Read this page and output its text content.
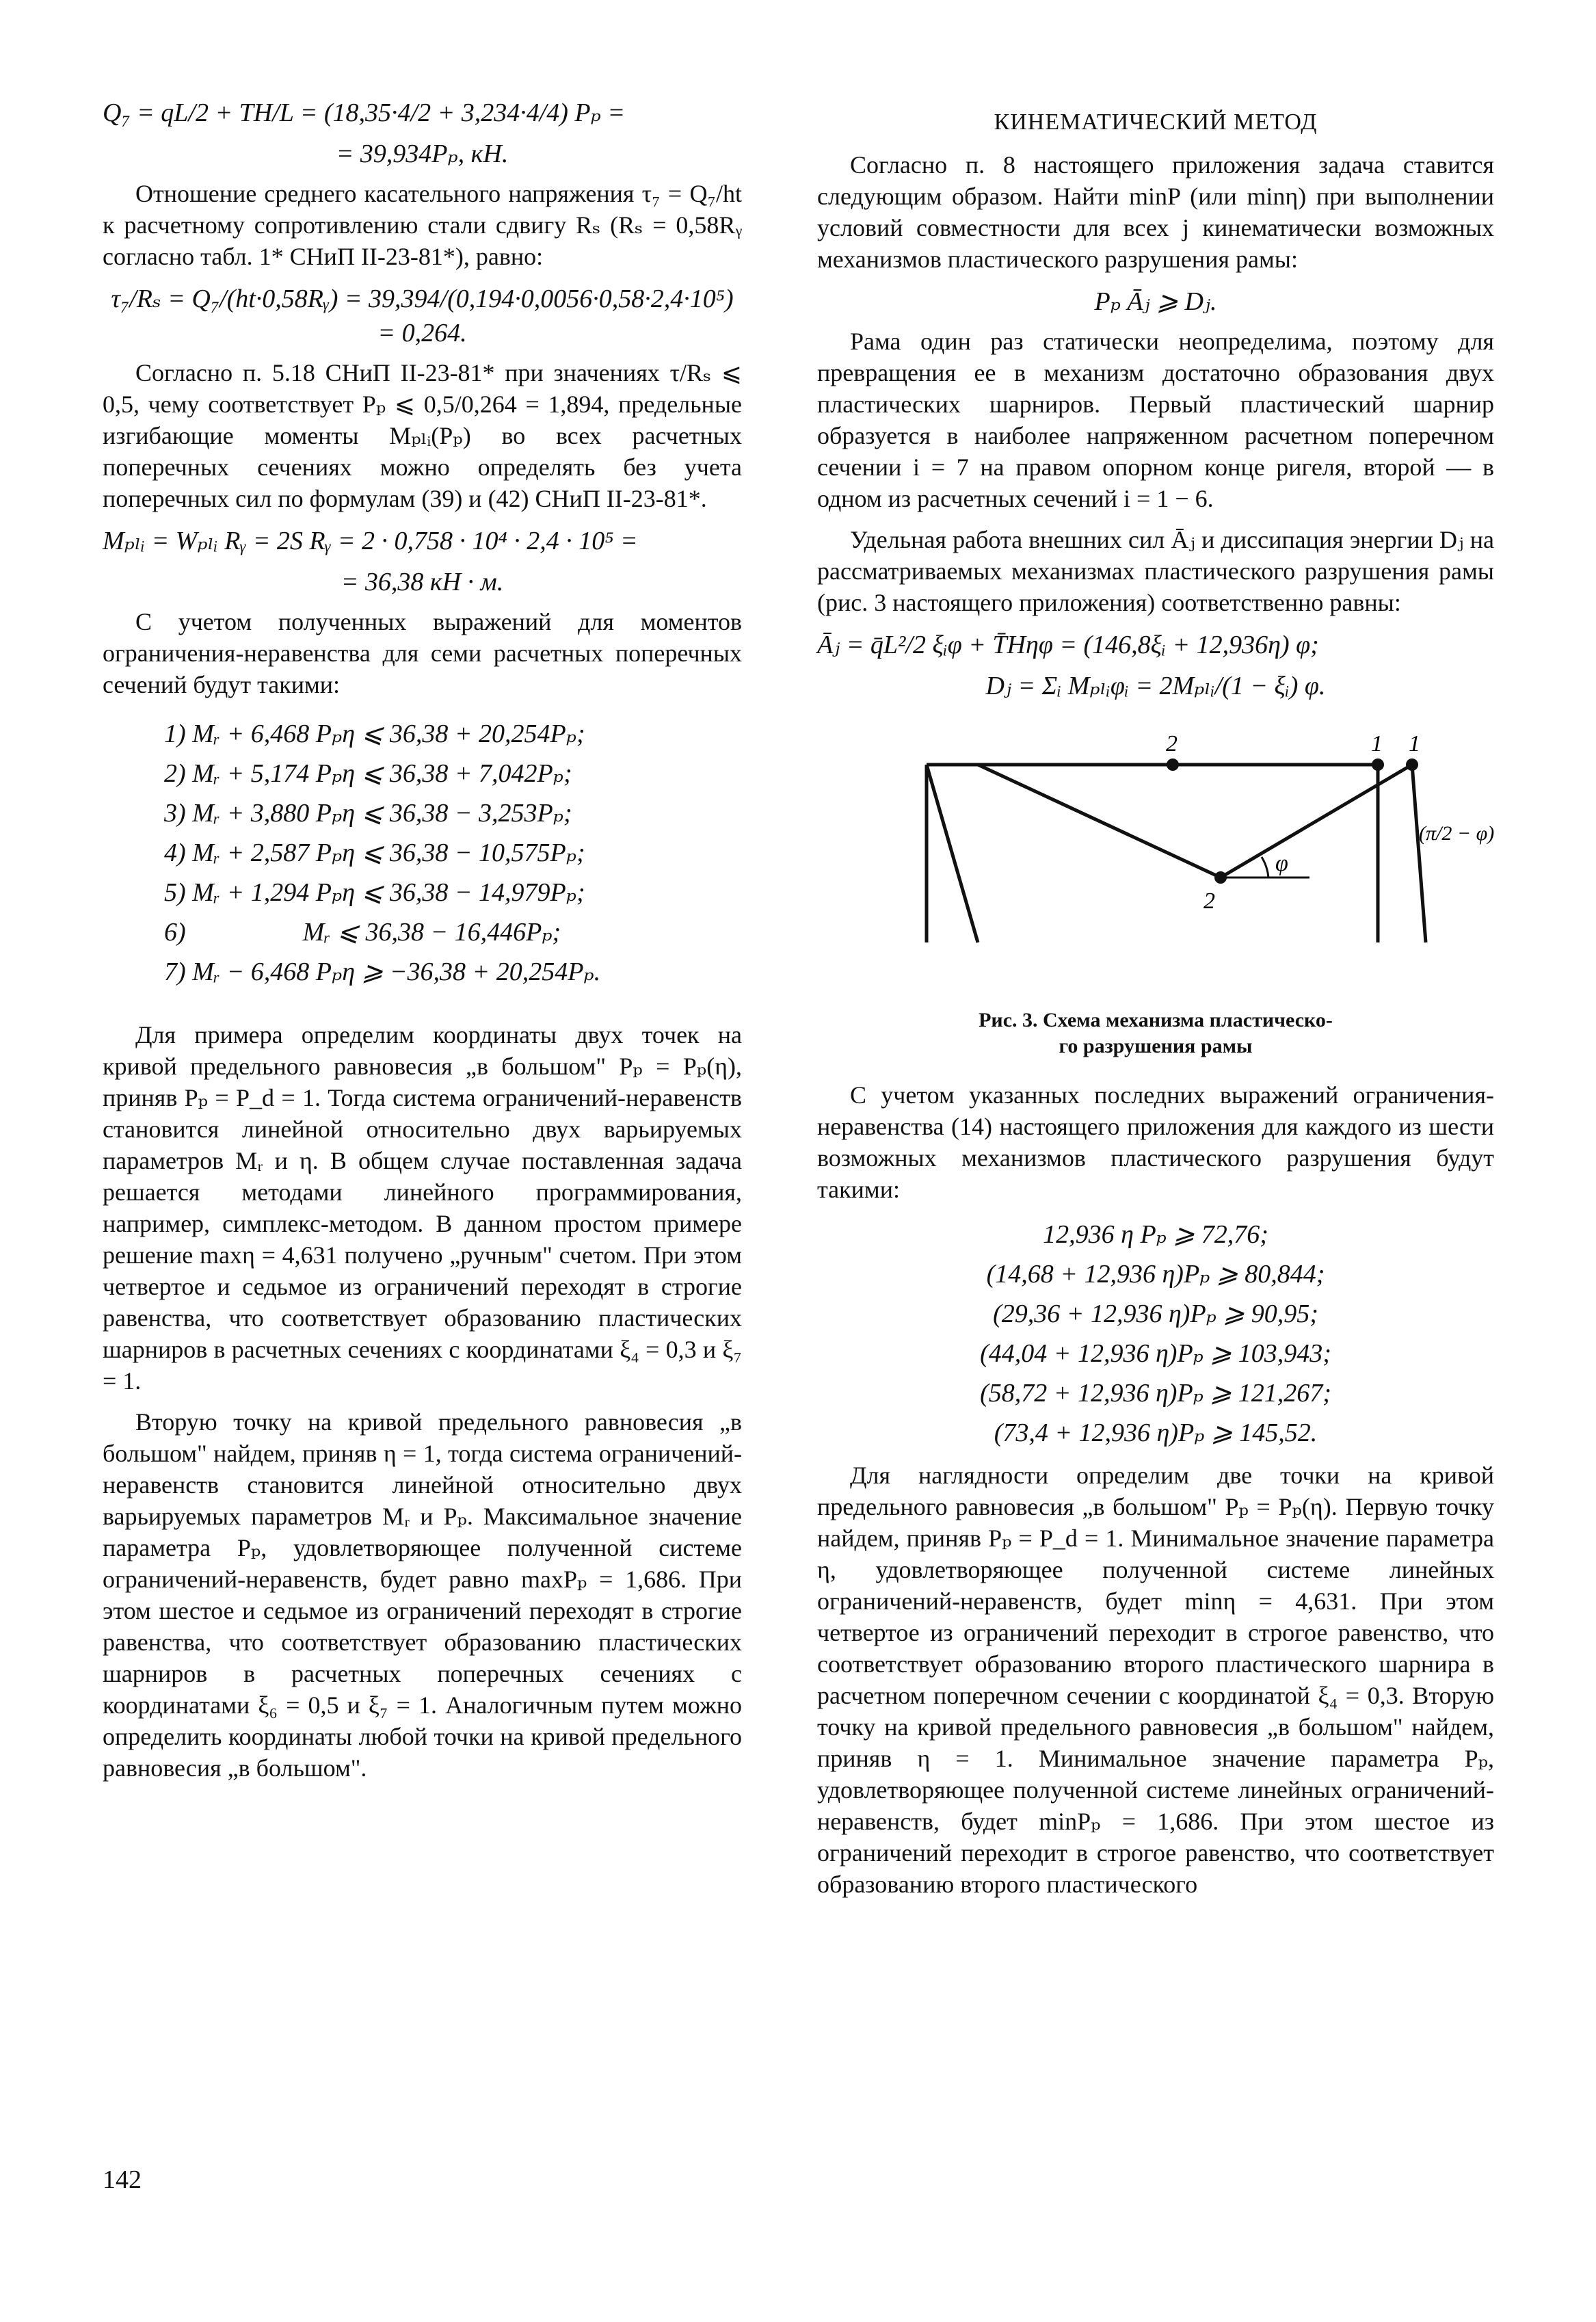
Q₇ = qL/2 + TH/L = (18,35·4/2 + 3,234·4/4) Pₚ =
= 39,934Pₚ, кН.

Отношение среднего касательного напряжения τ₇ = Q₇/ht к расчетному сопротивлению стали сдвигу Rₛ (Rₛ = 0,58Rᵧ согласно табл. 1* СНиП II-23-81*), равно:

τ₇/Rₛ = Q₇/(ht·0,58Rᵧ) = 39,394/(0,194·0,0056·0,58·2,4·10⁵) = 0,264.

Согласно п. 5.18 СНиП II-23-81* при значениях τ/Rₛ ⩽ 0,5, чему соответствует Pₚ ⩽ 0,5/0,264 = 1,894, предельные изгибающие моменты Mₚₗᵢ(Pₚ) во всех расчетных поперечных сечениях можно определять без учета поперечных сил по формулам (39) и (42) СНиП II-23-81*.

Mₚₗᵢ = Wₚₗᵢ Rᵧ = 2S Rᵧ = 2 · 0,758 · 10⁴ · 2,4 · 10⁵ =
= 36,38 кН · м.

С учетом полученных выражений для моментов ограничения-неравенства для семи расчетных поперечных сечений будут такими:

1) Mᵣ + 6,468 Pₚη ⩽ 36,38 + 20,254Pₚ;
2) Mᵣ + 5,174 Pₚη ⩽ 36,38 + 7,042Pₚ;
3) Mᵣ + 3,880 Pₚη ⩽ 36,38 − 3,253Pₚ;
4) Mᵣ + 2,587 Pₚη ⩽ 36,38 − 10,575Pₚ;
5) Mᵣ + 1,294 Pₚη ⩽ 36,38 − 14,979Pₚ;
6)                  Mᵣ ⩽ 36,38 − 16,446Pₚ;
7) Mᵣ − 6,468 Pₚη ⩾ −36,38 + 20,254Pₚ.

Для примера определим координаты двух точек на кривой предельного равновесия „в большом" Pₚ = Pₚ(η), приняв Pₚ = P_d = 1. Тогда система ограничений-неравенств становится линейной относительно двух варьируемых параметров Mᵣ и η. В общем случае поставленная задача решается методами линейного программирования, например, симплекс-методом. В данном простом примере решение maxη = 4,631 получено „ручным" счетом. При этом четвертое и седьмое из ограничений переходят в строгие равенства, что соответствует образованию пластических шарниров в расчетных сечениях с координатами ξ₄ = 0,3 и ξ₇ = 1.

Вторую точку на кривой предельного равновесия „в большом" найдем, приняв η = 1, тогда система ограничений-неравенств становится линейной относительно двух варьируемых параметров Mᵣ и Pₚ. Максимальное значение параметра Pₚ, удовлетворяющее полученной системе ограничений-неравенств, будет равно maxPₚ = 1,686. При этом шестое и седьмое из ограничений переходят в строгие равенства, что соответствует образованию пластических шарниров в расчетных поперечных сечениях с координатами ξ₆ = 0,5 и ξ₇ = 1. Аналогичным путем можно определить координаты любой точки на кривой предельного равновесия „в большом".

КИНЕМАТИЧЕСКИЙ МЕТОД

Согласно п. 8 настоящего приложения задача ставится следующим образом. Найти minP (или minη) при выполнении условий совместности для всех j кинематически возможных механизмов пластического разрушения рамы:

Pₚ Āⱼ ⩾ Dⱼ.

Рама один раз статически неопределима, поэтому для превращения ее в механизм достаточно образования двух пластических шарниров. Первый пластический шарнир образуется в наиболее напряженном расчетном поперечном сечении i = 7 на правом опорном конце ригеля, второй — в одном из расчетных сечений i = 1 − 6.

Удельная работа внешних сил Āⱼ и диссипация энергии Dⱼ на рассматриваемых механизмах пластического разрушения рамы (рис. 3 настоящего приложения) соответственно равны:

Āⱼ = q̄L²/2 ξᵢφ + T̄Hηφ = (146,8ξᵢ + 12,936η) φ;
Dⱼ = Σᵢ Mₚₗᵢφᵢ = 2Mₚₗᵢ/(1 − ξᵢ) φ.
2	1 1
2
φ
(π/2 − φ)
Рис. 3. Схема механизма пластическо-
го разрушения рамы

С учетом указанных последних выражений ограничения-неравенства (14) настоящего приложения для каждого из шести возможных механизмов пластического разрушения будут такими:

12,936 η Pₚ ⩾ 72,76;
(14,68 + 12,936 η)Pₚ ⩾ 80,844;
(29,36 + 12,936 η)Pₚ ⩾ 90,95;
(44,04 + 12,936 η)Pₚ ⩾ 103,943;
(58,72 + 12,936 η)Pₚ ⩾ 121,267;
(73,4 + 12,936 η)Pₚ ⩾ 145,52.

Для наглядности определим две точки на кривой предельного равновесия „в большом" Pₚ = Pₚ(η). Первую точку найдем, приняв Pₚ = P_d = 1. Минимальное значение параметра η, удовлетворяющее полученной системе линейных ограничений-неравенств, будет minη = 4,631. При этом четвертое из ограничений переходит в строгое равенство, что соответствует образованию второго пластического шарнира в расчетном поперечном сечении с координатой ξ₄ = 0,3. Вторую точку на кривой предельного равновесия „в большом" найдем, приняв η = 1. Минимальное значение параметра Pₚ, удовлетворяющее полученной системе линейных ограничений-неравенств, будет minPₚ = 1,686. При этом шестое из ограничений переходит в строгое равенство, что соответствует образованию второго пластического

142
